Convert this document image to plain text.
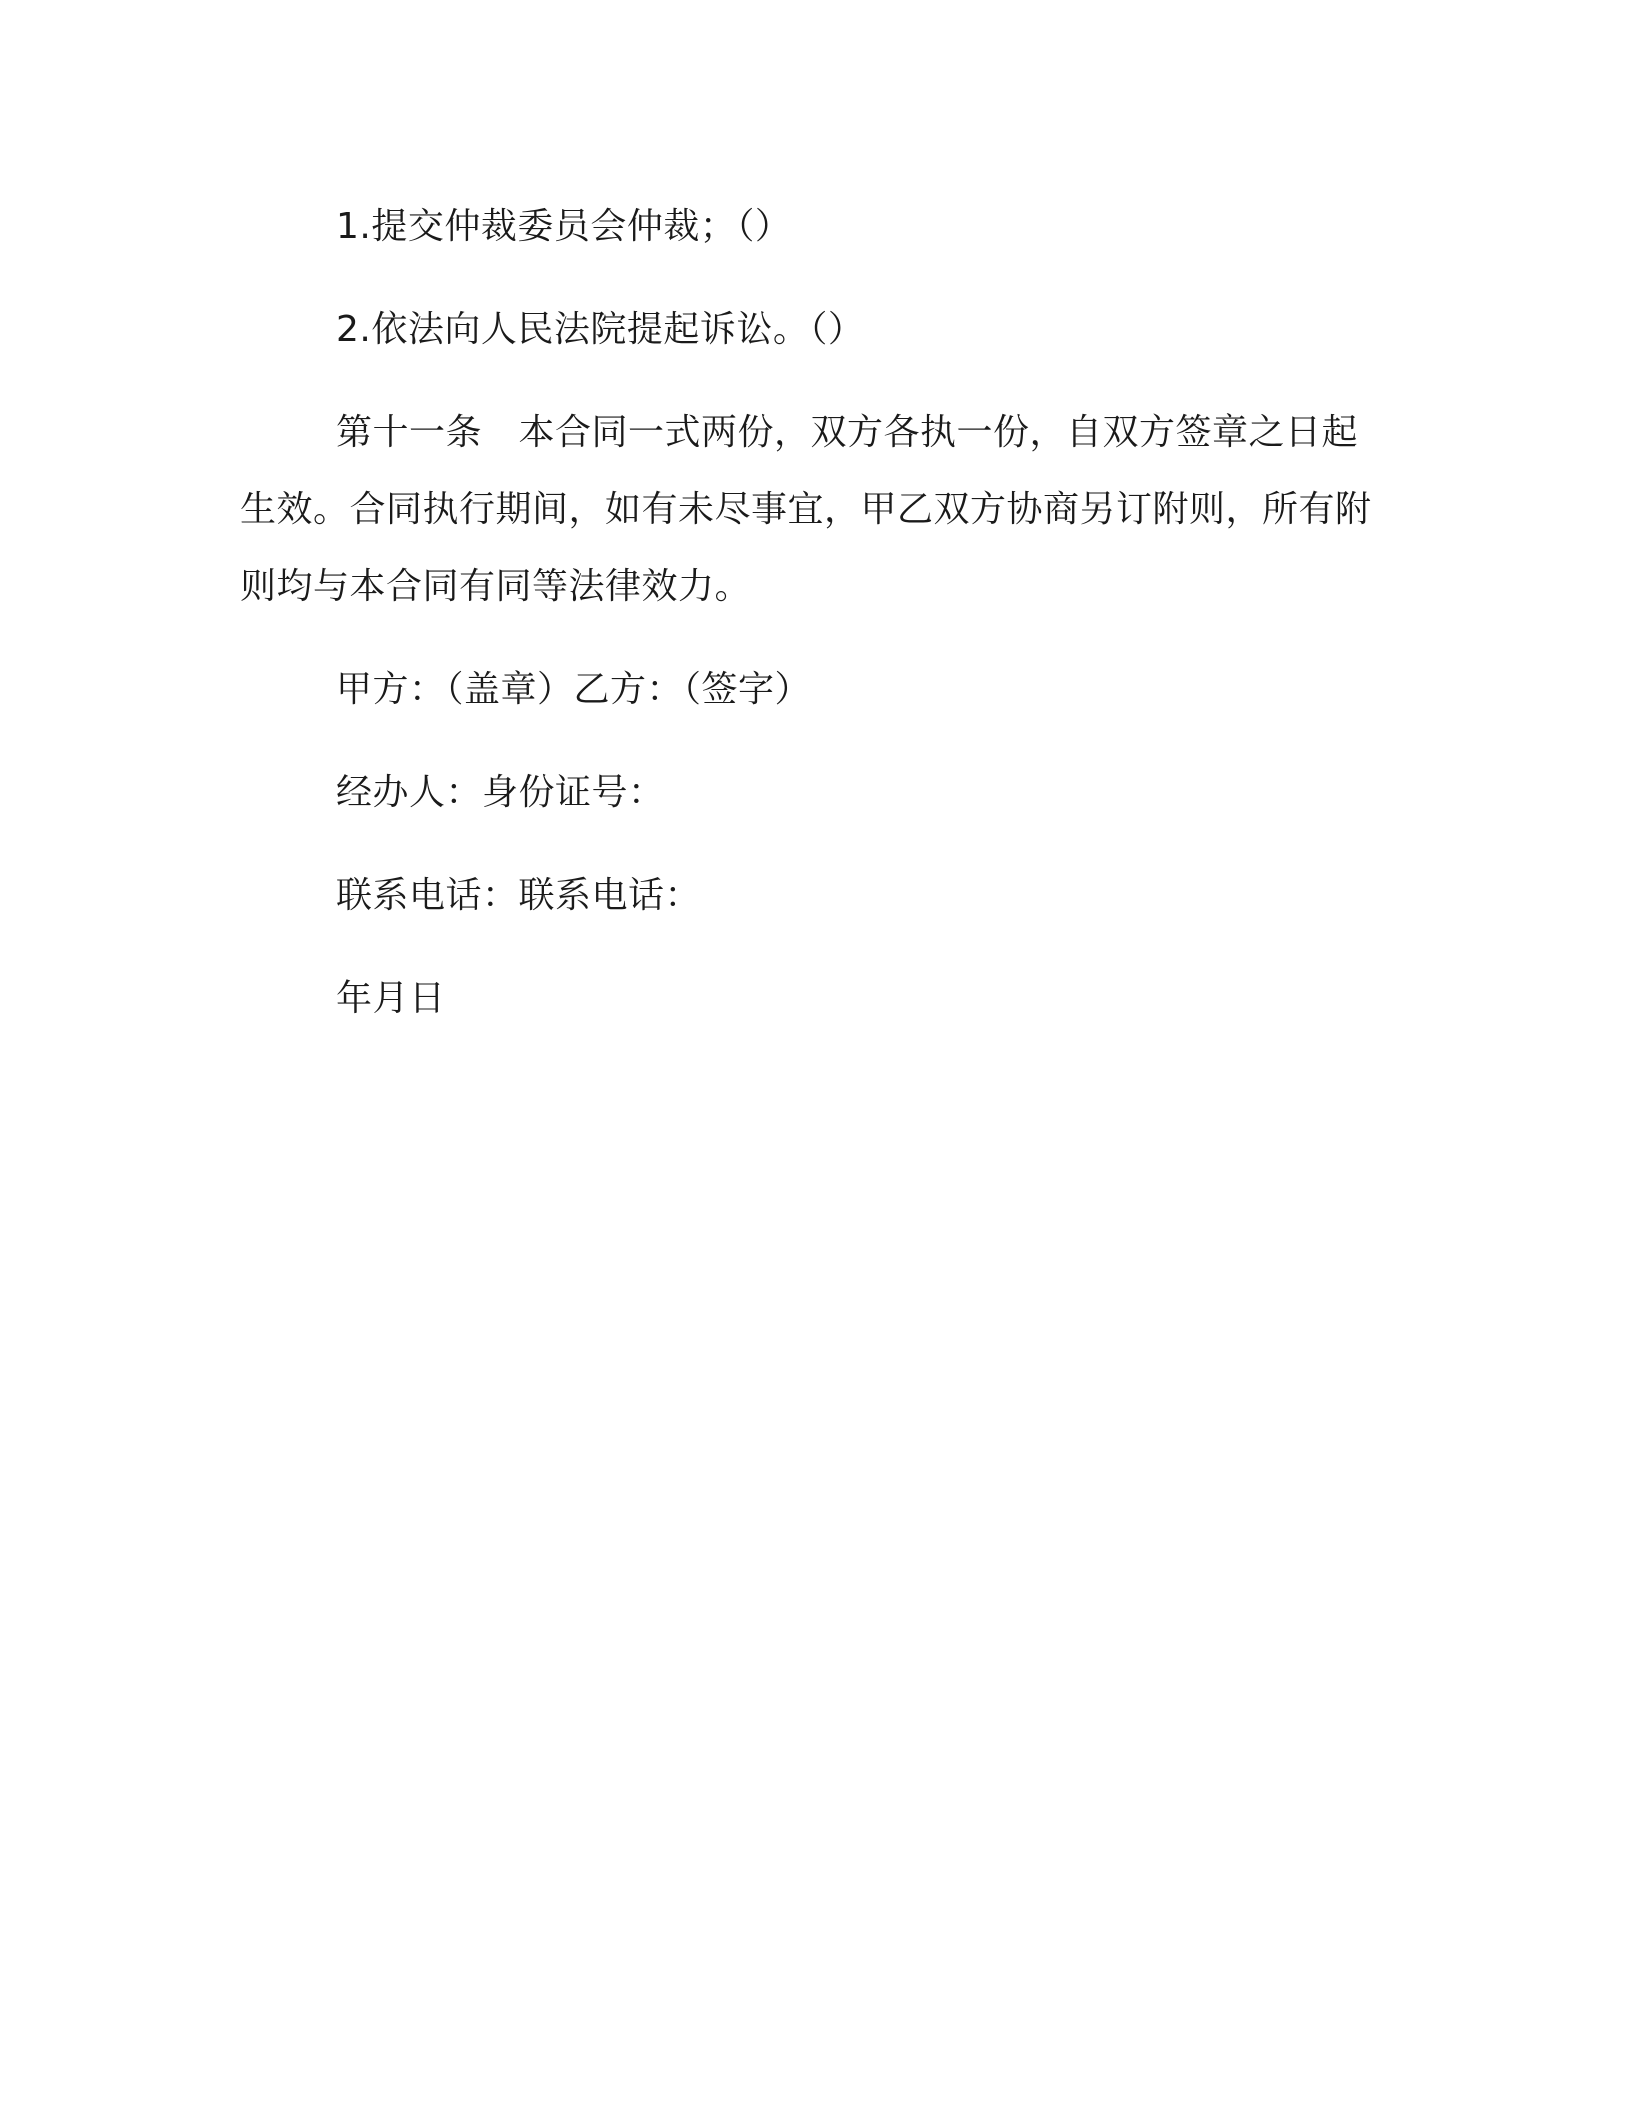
1.提交仲裁委员会仲裁；（）

2.依法向人民法院提起诉讼。（）

第十一条　本合同一式两份，双方各执一份，自双方签章之日起生效。合同执行期间，如有未尽事宜，甲乙双方协商另订附则，所有附则均与本合同有同等法律效力。

甲方：（盖章）乙方：（签字）

经办人：身份证号：

联系电话：联系电话：

年月日
